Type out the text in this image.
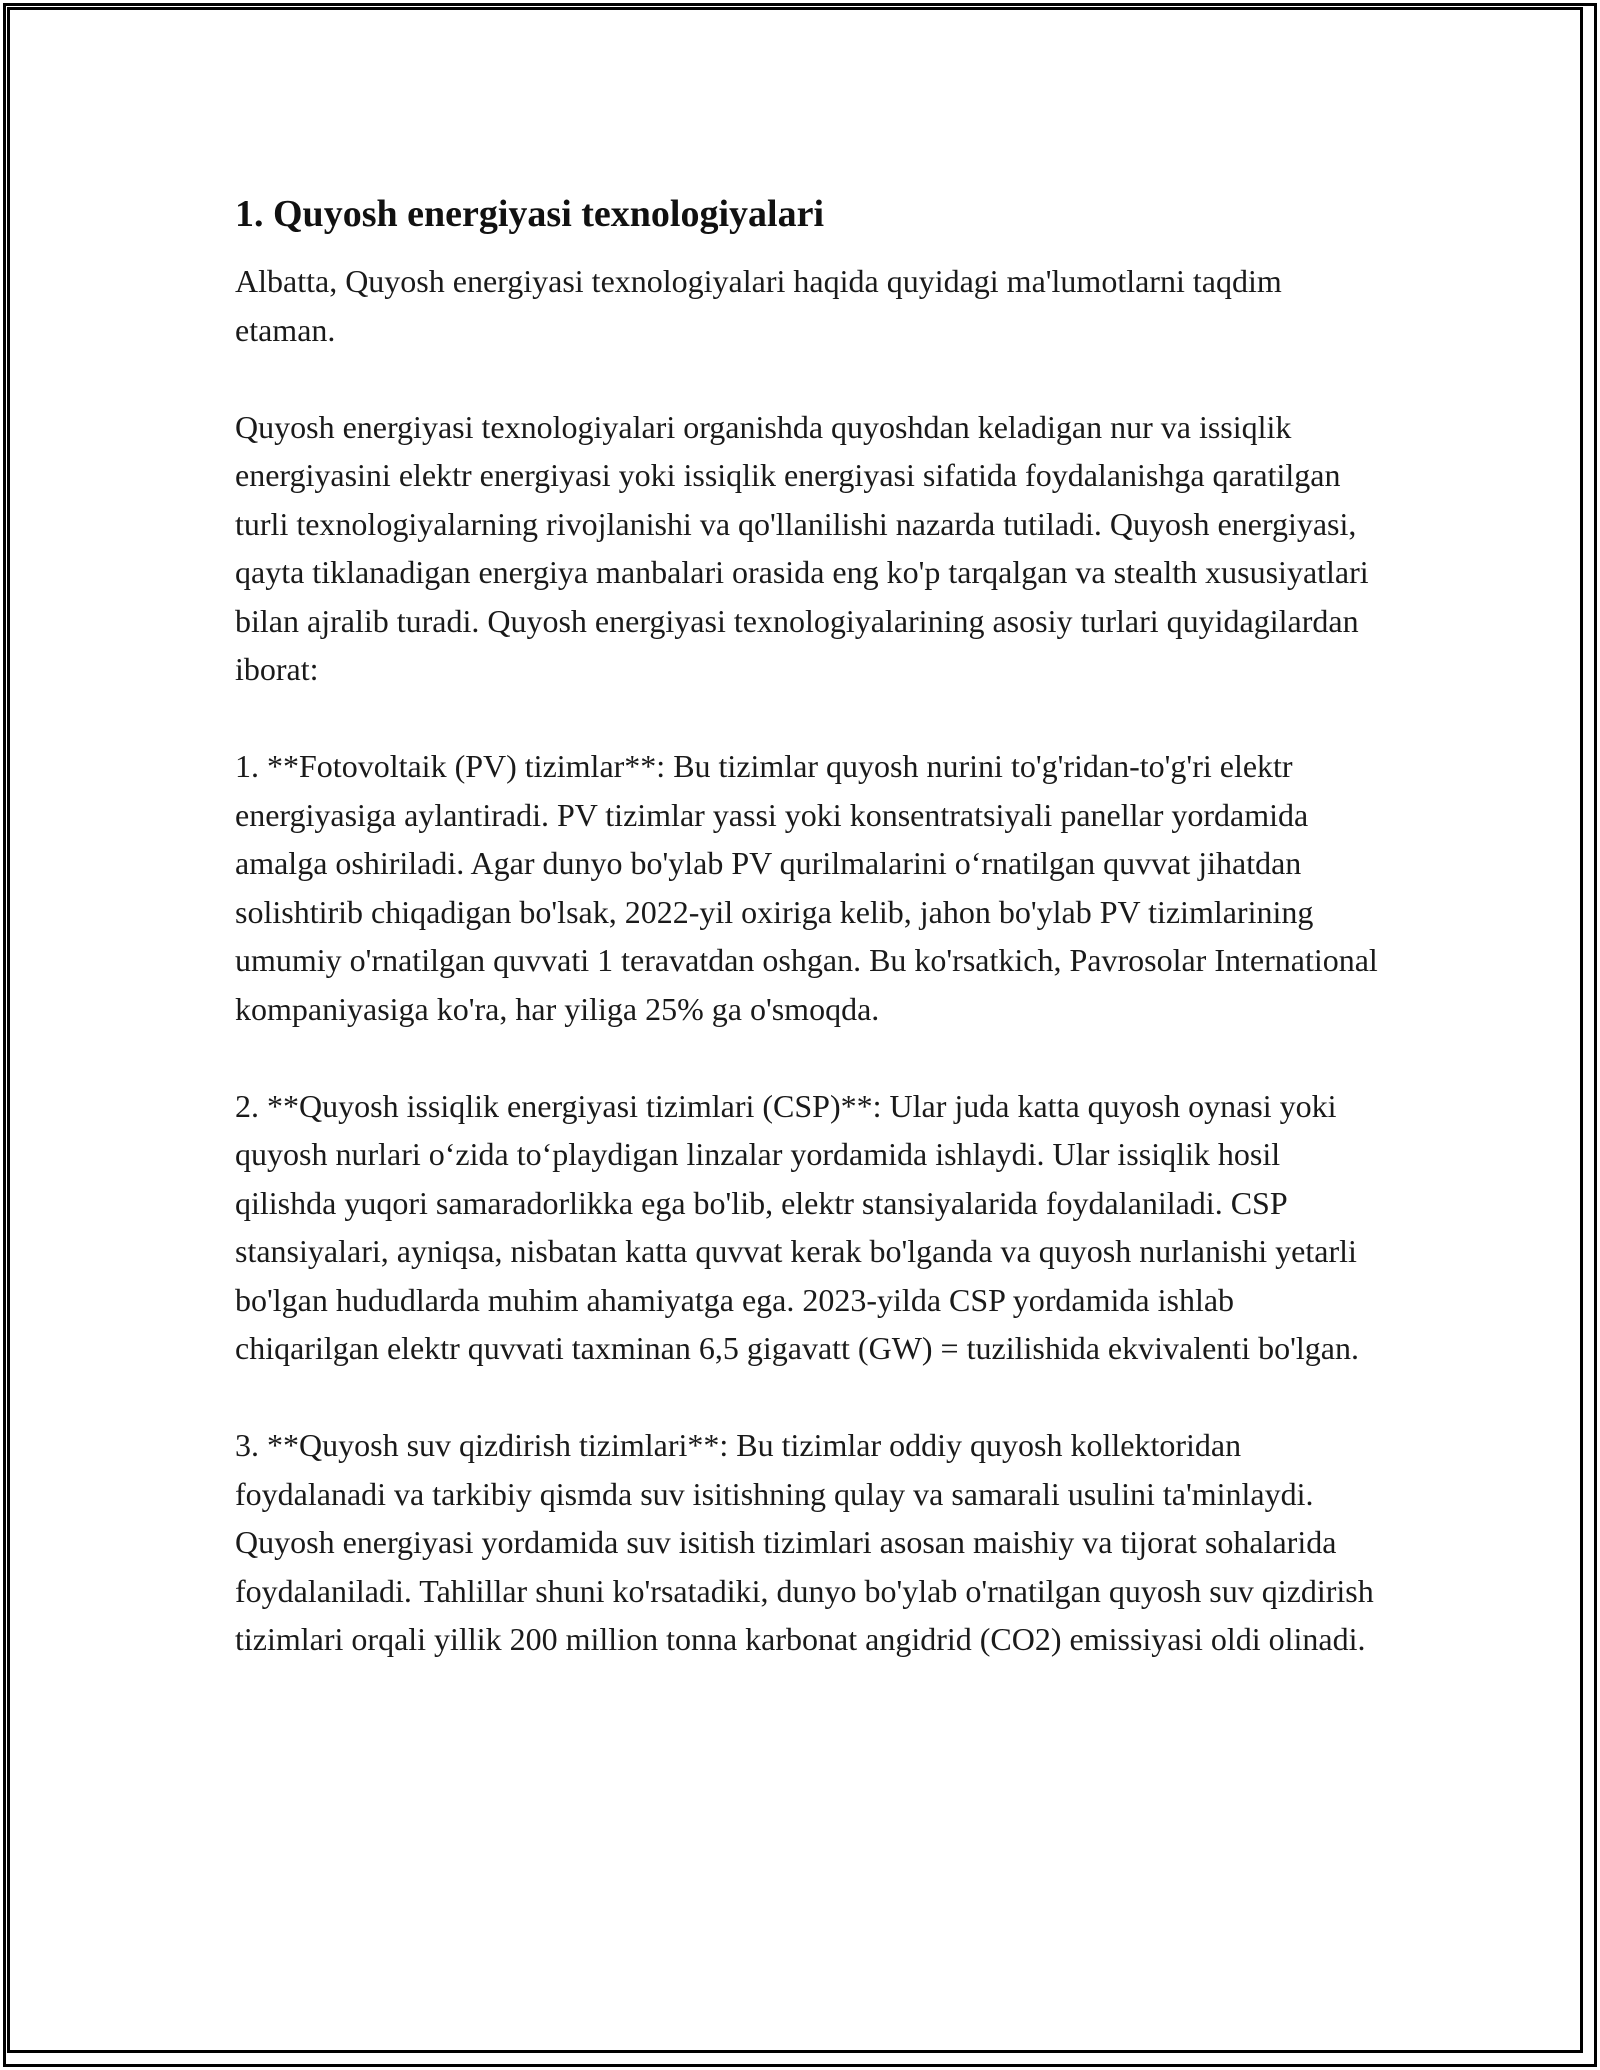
1. Quyosh energiyasi texnologiyalari

Albatta, Quyosh energiyasi texnologiyalari haqida quyidagi ma'lumotlarni taqdim etaman.

Quyosh energiyasi texnologiyalari organishda quyoshdan keladigan nur va issiqlik energiyasini elektr energiyasi yoki issiqlik energiyasi sifatida foydalanishga qaratilgan turli texnologiyalarning rivojlanishi va qo'llanilishi nazarda tutiladi. Quyosh energiyasi, qayta tiklanadigan energiya manbalari orasida eng ko'p tarqalgan va stealth xususiyatlari bilan ajralib turadi. Quyosh energiyasi texnologiyalarining asosiy turlari quyidagilardan iborat:

1. **Fotovoltaik (PV) tizimlar**: Bu tizimlar quyosh nurini to'g'ridan-to'g'ri elektr energiyasiga aylantiradi. PV tizimlar yassi yoki konsentratsiyali panellar yordamida amalga oshiriladi. Agar dunyo bo'ylab PV qurilmalarini o‘rnatilgan quvvat jihatdan solishtirib chiqadigan bo'lsak, 2022-yil oxiriga kelib, jahon bo'ylab PV tizimlarining umumiy o'rnatilgan quvvati 1 teravatdan oshgan. Bu ko'rsatkich, Pavrosolar International kompaniyasiga ko'ra, har yiliga 25% ga o'smoqda.

2. **Quyosh issiqlik energiyasi tizimlari (CSP)**: Ular juda katta quyosh oynasi yoki quyosh nurlari o‘zida to‘playdigan linzalar yordamida ishlaydi. Ular issiqlik hosil qilishda yuqori samaradorlikka ega bo'lib, elektr stansiyalarida foydalaniladi. CSP stansiyalari, ayniqsa, nisbatan katta quvvat kerak bo'lganda va quyosh nurlanishi yetarli bo'lgan hududlarda muhim ahamiyatga ega. 2023-yilda CSP yordamida ishlab chiqarilgan elektr quvvati taxminan 6,5 gigavatt (GW) = tuzilishida ekvivalenti bo'lgan.

3. **Quyosh suv qizdirish tizimlari**: Bu tizimlar oddiy quyosh kollektoridan foydalanadi va tarkibiy qismda suv isitishning qulay va samarali usulini ta'minlaydi. Quyosh energiyasi yordamida suv isitish tizimlari asosan maishiy va tijorat sohalarida foydalaniladi. Tahlillar shuni ko'rsatadiki, dunyo bo'ylab o'rnatilgan quyosh suv qizdirish tizimlari orqali yillik 200 million tonna karbonat angidrid (CO2) emissiyasi oldi olinadi.
